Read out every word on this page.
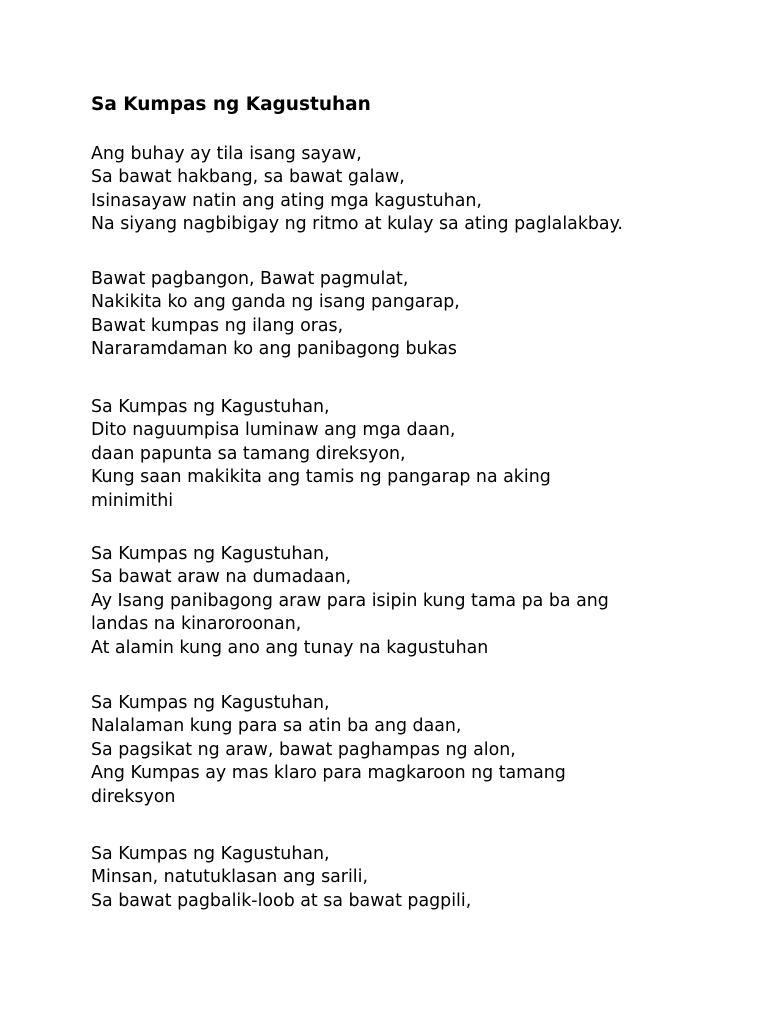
Sa Kumpas ng Kagustuhan
Ang buhay ay tila isang sayaw,
Sa bawat hakbang, sa bawat galaw,
Isinasayaw natin ang ating mga kagustuhan,
Na siyang nagbibigay ng ritmo at kulay sa ating paglalakbay.
Bawat pagbangon, Bawat pagmulat,
Nakikita ko ang ganda ng isang pangarap,
Bawat kumpas ng ilang oras,
Nararamdaman ko ang panibagong bukas
Sa Kumpas ng Kagustuhan,
Dito naguumpisa luminaw ang mga daan,
daan papunta sa tamang direksyon,
Kung saan makikita ang tamis ng pangarap na aking
minimithi
Sa Kumpas ng Kagustuhan,
Sa bawat araw na dumadaan,
Ay Isang panibagong araw para isipin kung tama pa ba ang
landas na kinaroroonan,
At alamin kung ano ang tunay na kagustuhan
Sa Kumpas ng Kagustuhan,
Nalalaman kung para sa atin ba ang daan,
Sa pagsikat ng araw, bawat paghampas ng alon,
Ang Kumpas ay mas klaro para magkaroon ng tamang
direksyon
Sa Kumpas ng Kagustuhan,
Minsan, natutuklasan ang sarili,
Sa bawat pagbalik-loob at sa bawat pagpili,
